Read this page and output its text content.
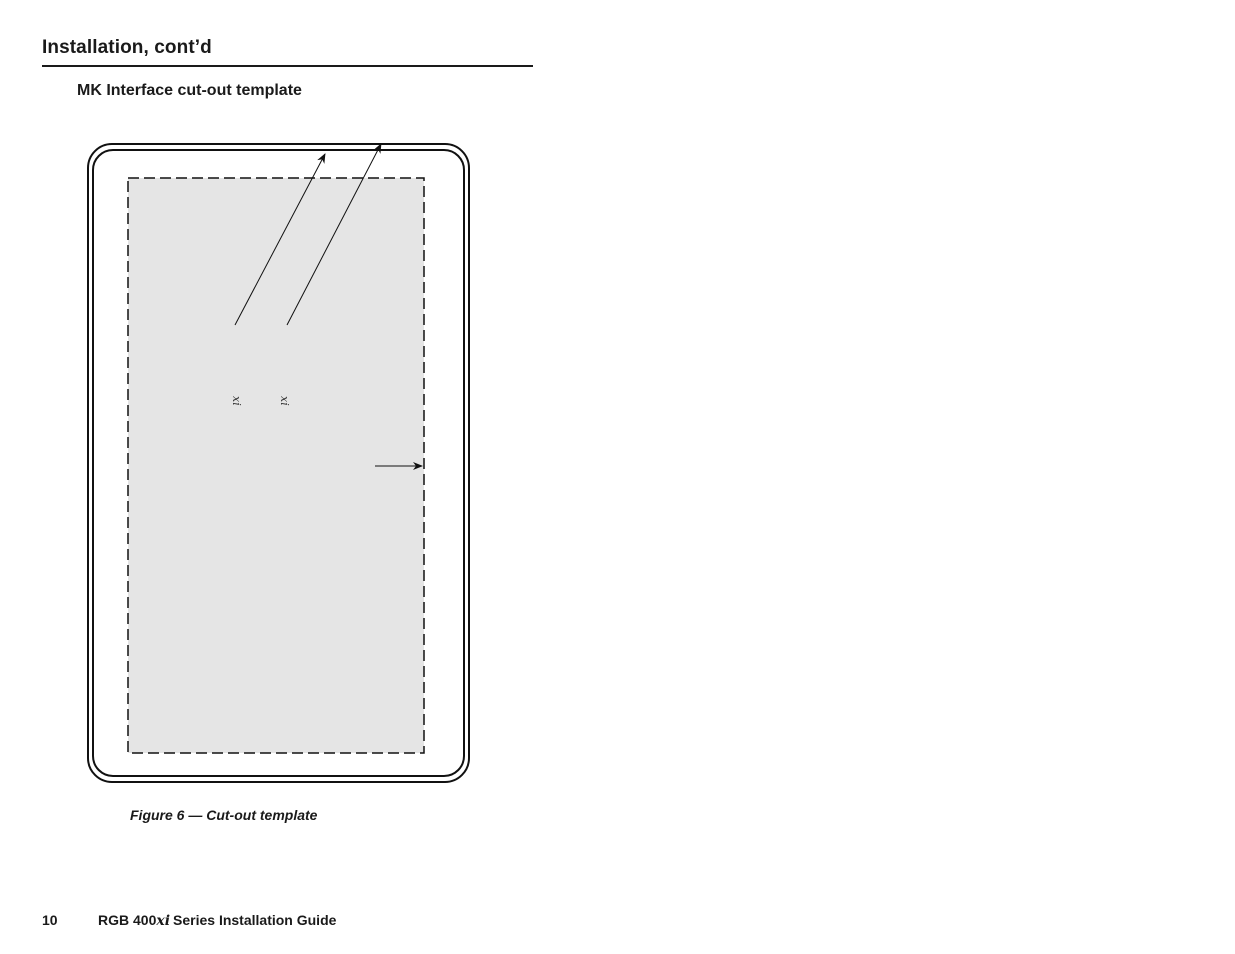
Installation, cont’d
MK Interface cut-out template
xi	xi
Figure 6 — Cut-out template
10	RGB 400xi Series Installation Guide
